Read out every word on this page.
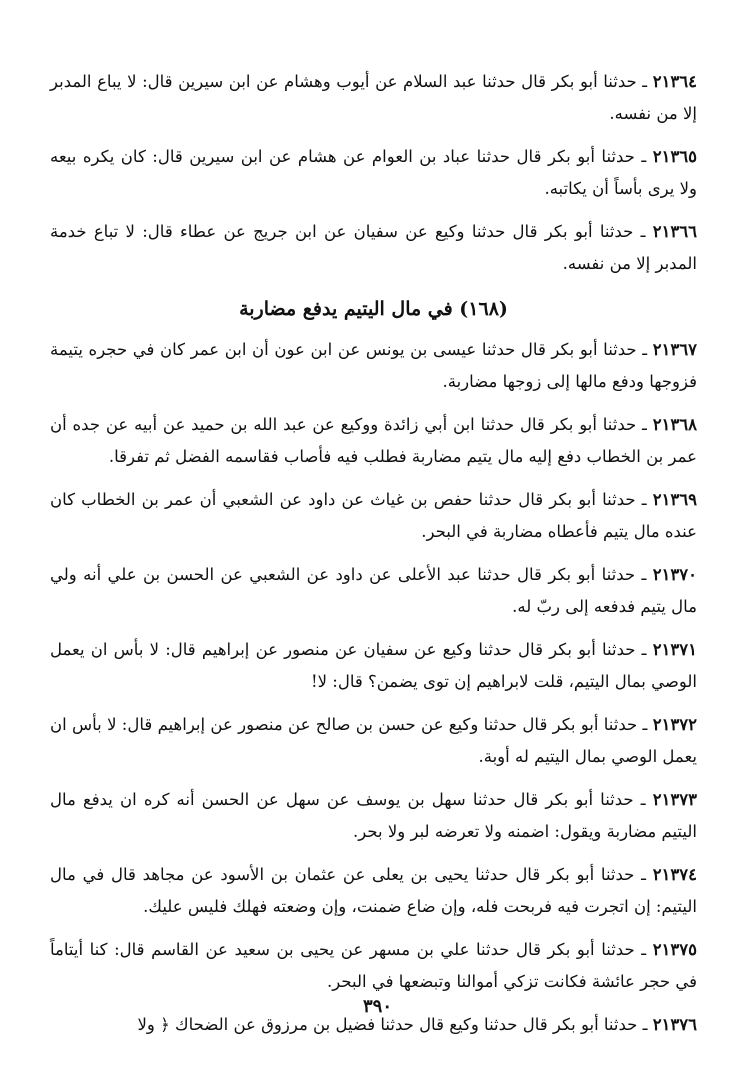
٢١٣٦٤ ـ حدثنا أبو بكر قال حدثنا عبد السلام عن أيوب وهشام عن ابن سيرين قال: لا يباع المدبر إلا من نفسه.

٢١٣٦٥ ـ حدثنا أبو بكر قال حدثنا عباد بن العوام عن هشام عن ابن سيرين قال: كان يكره بيعه ولا يرى بأساً أن يكاتبه.

٢١٣٦٦ ـ حدثنا أبو بكر قال حدثنا وكيع عن سفيان عن ابن جريج عن عطاء قال: لا تباع خدمة المدبر إلا من نفسه.

(١٦٨) في مال اليتيم يدفع مضاربة

٢١٣٦٧ ـ حدثنا أبو بكر قال حدثنا عيسى بن يونس عن ابن عون أن ابن عمر كان في حجره يتيمة فزوجها ودفع مالها إلى زوجها مضاربة.

٢١٣٦٨ ـ حدثنا أبو بكر قال حدثنا ابن أبي زائدة ووكيع عن عبد الله بن حميد عن أبيه عن جده أن عمر بن الخطاب دفع إليه مال يتيم مضاربة فطلب فيه فأصاب فقاسمه الفضل ثم تفرقا.

٢١٣٦٩ ـ حدثنا أبو بكر قال حدثنا حفص بن غياث عن داود عن الشعبي أن عمر بن الخطاب كان عنده مال يتيم فأعطاه مضاربة في البحر.

٢١٣٧٠ ـ حدثنا أبو بكر قال حدثنا عبد الأعلى عن داود عن الشعبي عن الحسن بن علي أنه ولي مال يتيم فدفعه إلى ربّ له.

٢١٣٧١ ـ حدثنا أبو بكر قال حدثنا وكيع عن سفيان عن منصور عن إبراهيم قال: لا بأس ان يعمل الوصي بمال اليتيم، قلت لابراهيم إن توى يضمن؟ قال: لا!

٢١٣٧٢ ـ حدثنا أبو بكر قال حدثنا وكيع عن حسن بن صالح عن منصور عن إبراهيم قال: لا بأس ان يعمل الوصي بمال اليتيم له أوبة.

٢١٣٧٣ ـ حدثنا أبو بكر قال حدثنا سهل بن يوسف عن سهل عن الحسن أنه كره ان يدفع مال اليتيم مضاربة ويقول: اضمنه ولا تعرضه لبر ولا بحر.

٢١٣٧٤ ـ حدثنا أبو بكر قال حدثنا يحيى بن يعلى عن عثمان بن الأسود عن مجاهد قال في مال اليتيم: إن اتجرت فيه فربحت فله، وإن ضاع ضمنت، وإن وضعته فهلك فليس عليك.

٢١٣٧٥ ـ حدثنا أبو بكر قال حدثنا علي بن مسهر عن يحيى بن سعيد عن القاسم قال: كنا أيتاماً في حجر عائشة فكانت تزكي أموالنا وتبضعها في البحر.

٢١٣٧٦ ـ حدثنا أبو بكر قال حدثنا وكيع قال حدثنا فضيل بن مرزوق عن الضحاك ﴿ ولا

٣٩٠
